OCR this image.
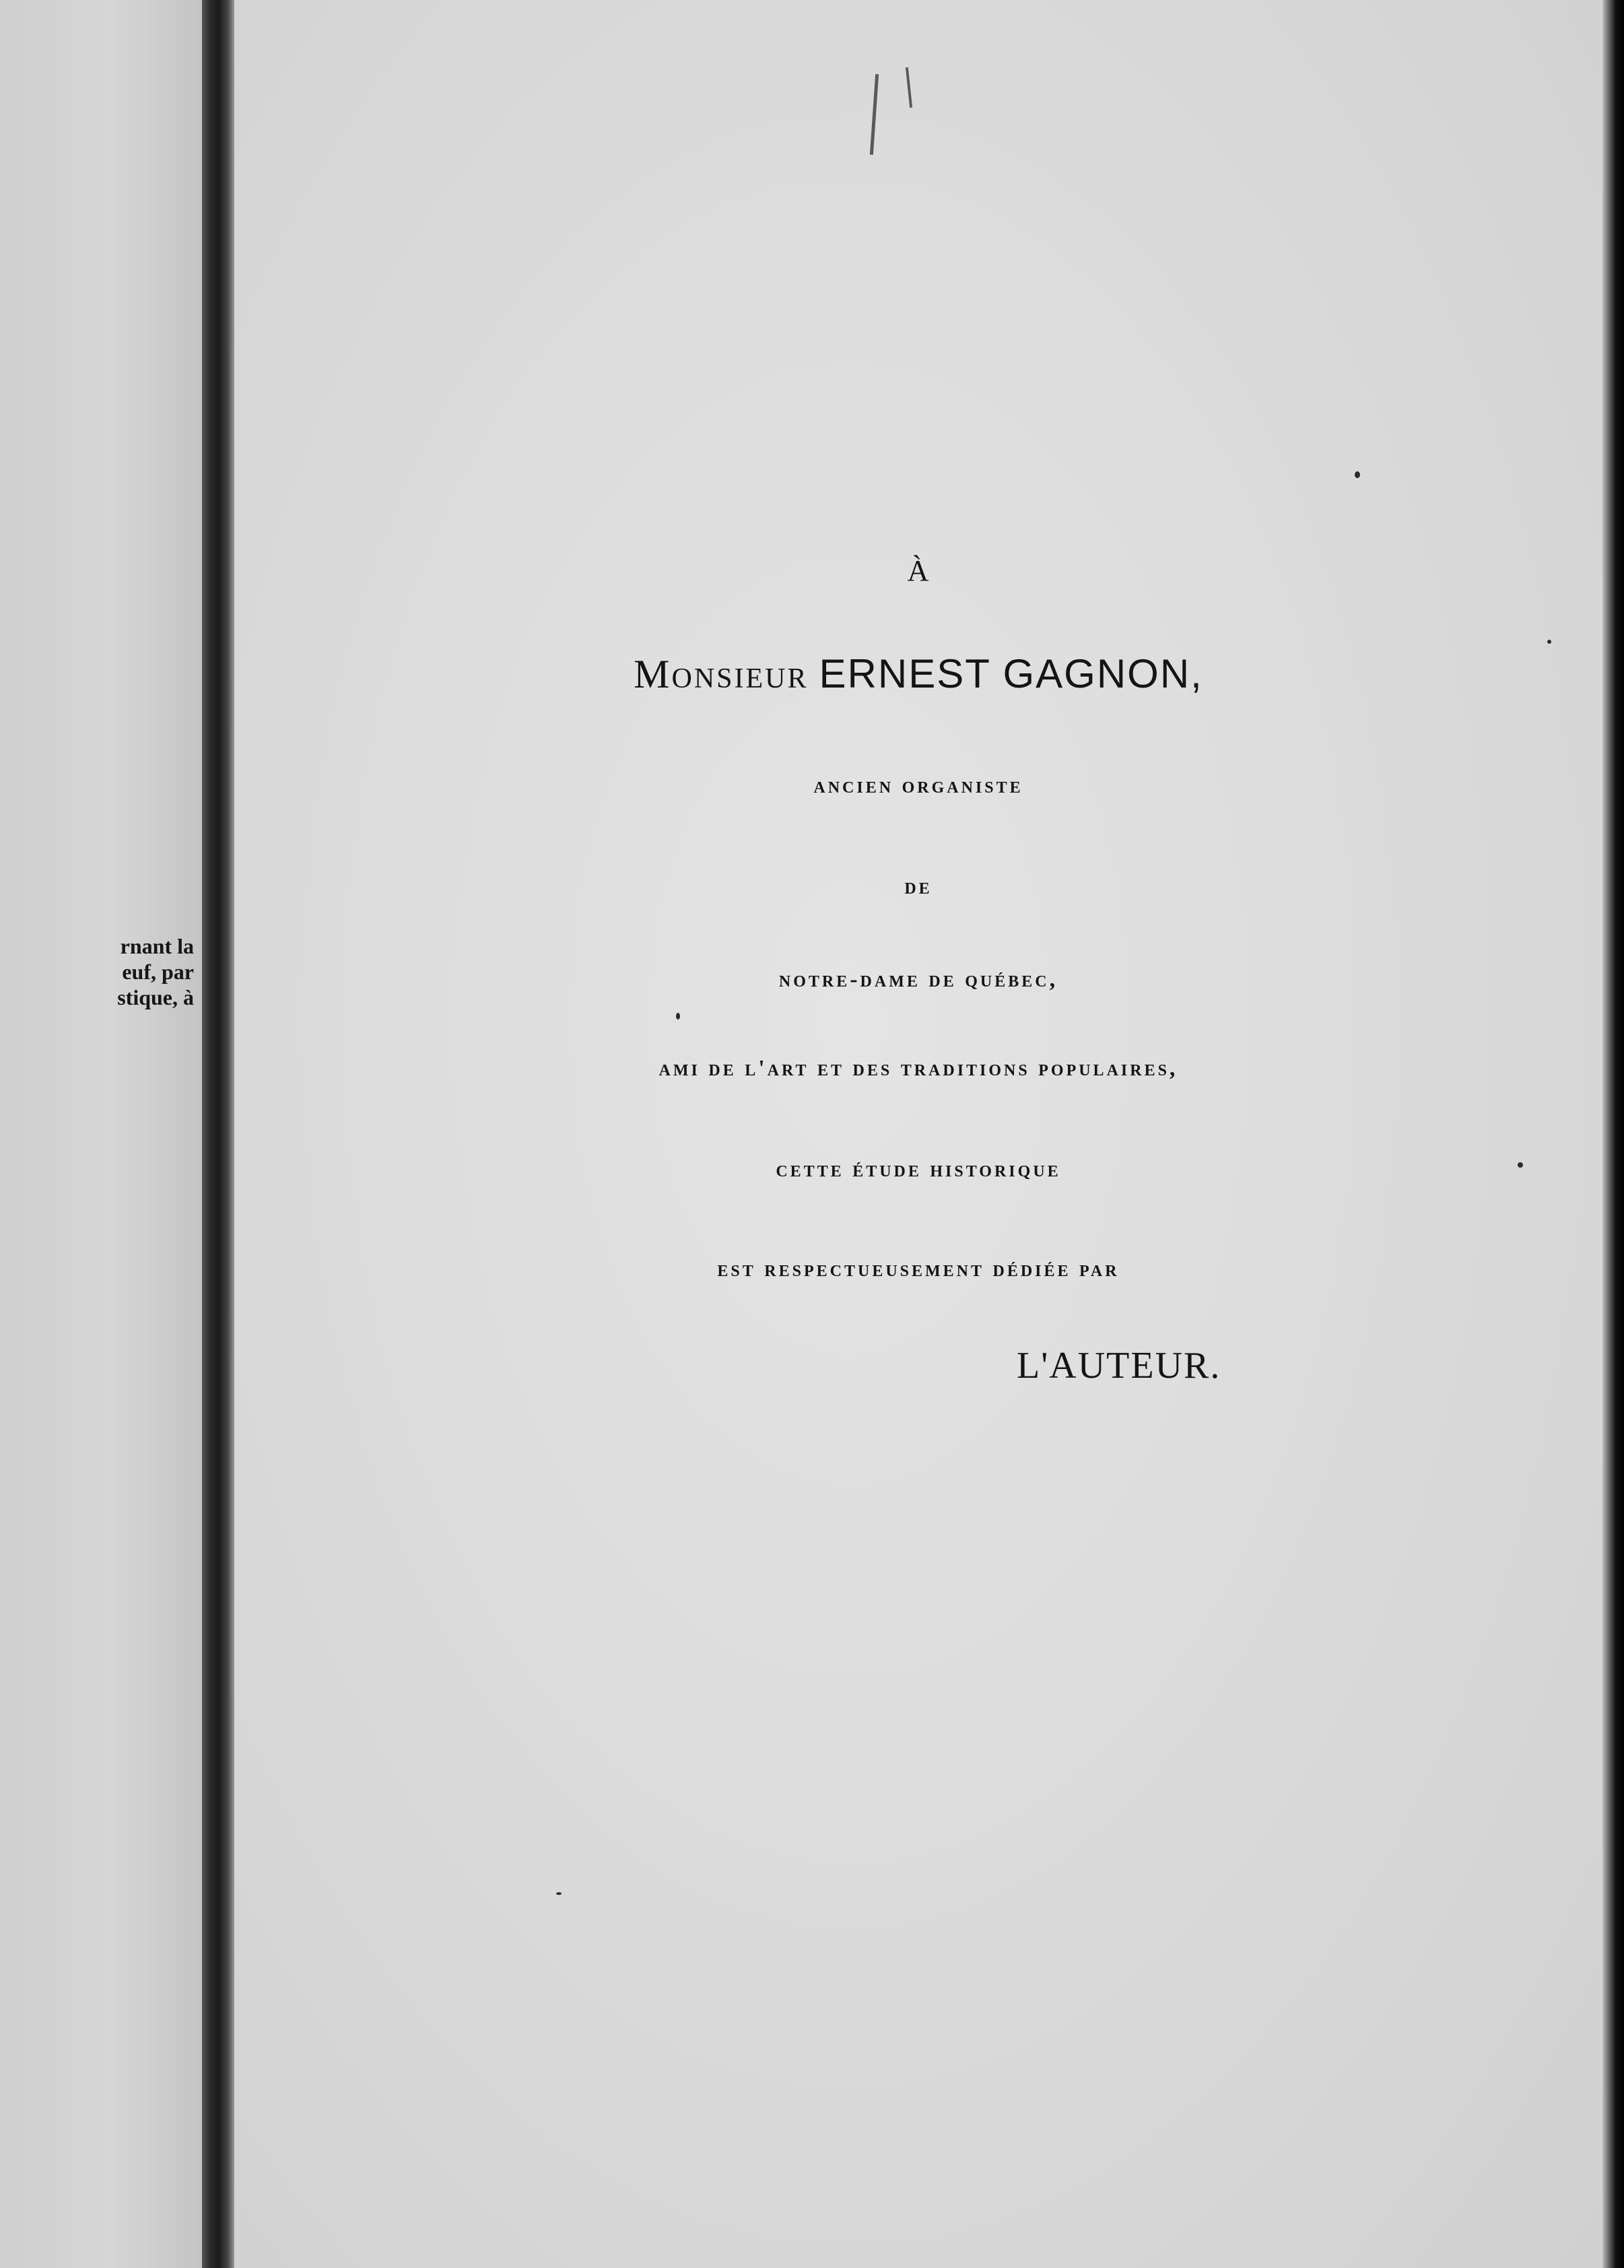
rnant la
euf, par
stique, à
À
Monsieur ERNEST GAGNON,
ancien organiste
de
notre-dame de québec,
ami de l'art et des traditions populaires,
cette étude historique
est respectueusement dédiée par
L'AUTEUR.
